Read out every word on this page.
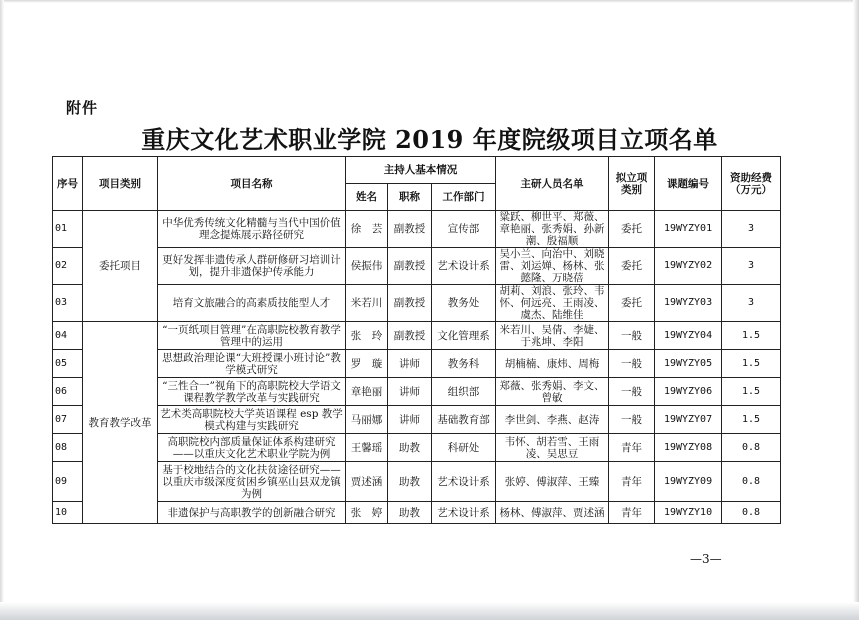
附件
重庆文化艺术职业学院 2019 年度院级项目立项名单
序号	项目类别	项目名称	主持人基本情况			主研人员名单	拟立项类别	课题编号	资助经费（万元）
			姓名	职称	工作部门				
01	委托项目	中华优秀传统文化精髓与当代中国价值理念提炼展示路径研究	徐　芸	副教授	宣传部	粱跃、柳世平、郑薇、章艳丽、张秀娟、孙新潮、殷福顺	委托	19WYZY01	3
02		更好发挥非遗传承人群研修研习培训计划，提升非遗保护传承能力	侯振伟	副教授	艺术设计系	吴小兰、向治中、刘晓雷、刘运婵、杨林、张懿隆、万晓蓓	委托	19WYZY02	3
03		培育文旅融合的高素质技能型人才	米若川	副教授	教务处	胡莉、刘浪、张玲、韦怀、何远亮、王雨凌、虞杰、陆维佳	委托	19WYZY03	3
04	教育教学改革	“一页纸项目管理”在高职院校教育教学管理中的运用	张　玲	副教授	文化管理系	米若川、吴倩、李婕、于兆坤、李阳	一般	19WYZY04	1.5
05		思想政治理论课“大班授课小班讨论”教学模式研究	罗　璇	讲师	教务科	胡楠楠、康炜、周梅	一般	19WYZY05	1.5
06		“三性合一”视角下的高职院校大学语文课程教学教学改革与实践研究	章艳丽	讲师	组织部	郑薇、张秀娟、李文、曾敏	一般	19WYZY06	1.5
07		艺术类高职院校大学英语课程 esp 教学模式构建与实践研究	马丽娜	讲师	基础教育部	李世剑、李燕、赵涛	一般	19WYZY07	1.5
08		高职院校内部质量保证体系构建研究——以重庆文化艺术职业学院为例	王馨瑶	助教	科研处	韦怀、胡若雪、王雨凌、吴思豆	青年	19WYZY08	0.8
09		基于校地结合的文化扶贫途径研究——以重庆市级深度贫困乡镇巫山县双龙镇为例	贾述涵	助教	艺术设计系	张婷、傅淑萍、王臻	青年	19WYZY09	0.8
10		非遗保护与高职教学的创新融合研究	张　婷	助教	艺术设计系	杨林、傅淑萍、贾述涵	青年	19WYZY10	0.8
—3—
